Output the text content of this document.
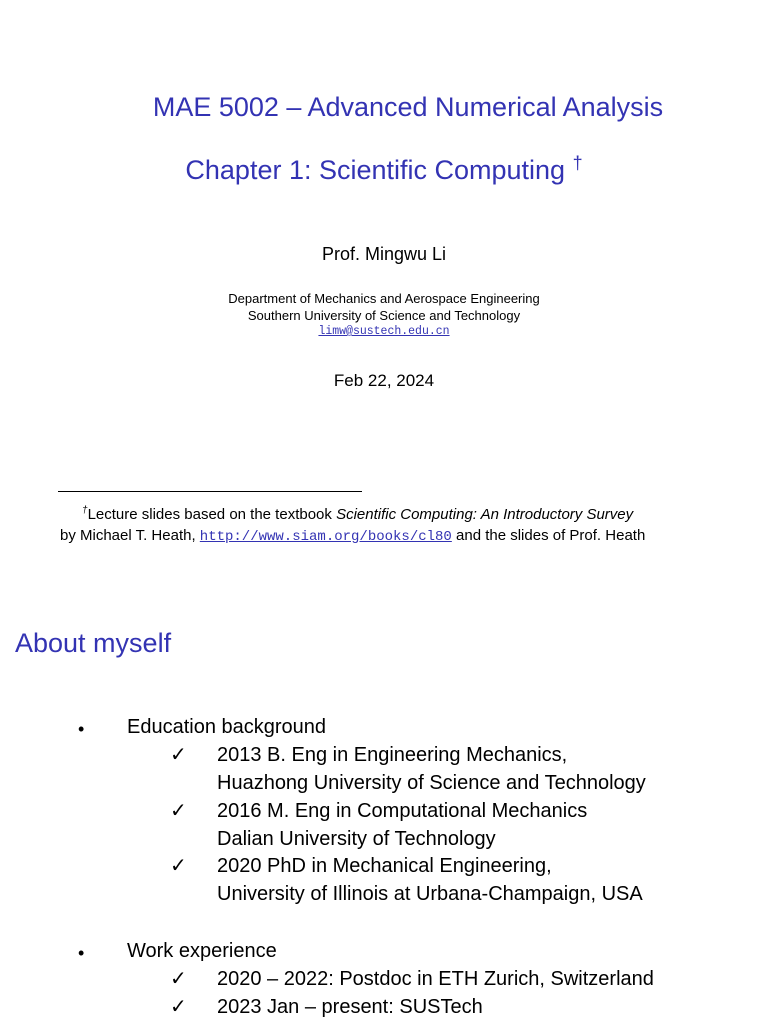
MAE 5002 – Advanced Numerical Analysis
Chapter 1: Scientific Computing †
Prof. Mingwu Li
Department of Mechanics and Aerospace Engineering
Southern University of Science and Technology
limw@sustech.edu.cn
Feb 22, 2024
†Lecture slides based on the textbook Scientific Computing: An Introductory Survey
by Michael T. Heath, http://www.siam.org/books/cl80 and the slides of Prof. Heath
About myself
• Education background
✓ 2013 B. Eng in Engineering Mechanics,
Huazhong University of Science and Technology
✓ 2016 M. Eng in Computational Mechanics
Dalian University of Technology
✓ 2020 PhD in Mechanical Engineering,
University of Illinois at Urbana-Champaign, USA
• Work experience
✓ 2020 – 2022: Postdoc in ETH Zurich, Switzerland
✓ 2023 Jan – present: SUSTech
